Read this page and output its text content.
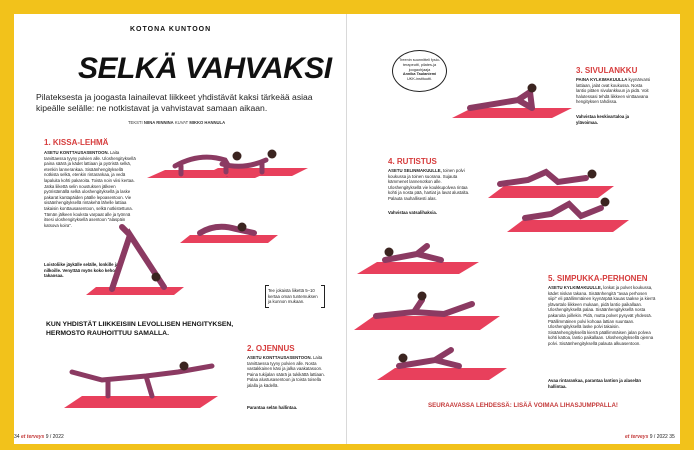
KOTONA KUNTOON
SELKÄ VAHVAKSI
Pilateksesta ja joogasta lainailevat liikkeet yhdistävät kaksi tärkeää asiaa kipeälle selälle: ne notkistavat ja vahvistavat samaan aikaan.
TEKSTI NIINA RINNINA KUVAT MIKKO HANNULA
1. KISSA-LEHMÄ
ASETU KONTTAUSASENTOON. Laita tarvittaessa tyyny polvien alle. Uloshengityksellä paina säärä ja kädet lattiaan ja pyöristä selkä, etenkin lannerankaa. Sisäänhengityksellä notkista selkä, etenkin rintarankaa, ja vedä lapaluita kohti pakaroita. Toista noin viisi kertaa. Jatka liikettä selin noustuksen jälkeen pyöristämällä selkä uloshengityksellä ja laske pakarat kantapäiden päälle lepoasentoon. Vie sisäänhengityksellä rintakehä lähelle lattiaa takaisin konttausasentoon, selkä notkistettuna. Tämän jälkeen kouksta varpaat alle ja työnnä itsesi uloshengityksellä asentoon "alaspäin katsova koira".
Loistoliike jäykälle selälle, lonkille ja nilkoille. Venyttää myös koko kehon takaosaa.
KUN YHDISTÄT LIIKKEISIIN LEVOLLISEN HENGITYKSEN,
HERMOSTO RAUHOITTUU SAMALLA.
Tee jokaista liikettä 5–10 kertaa oman tuntemuksen ja kunnon mukaan.
2. OJENNUS
ASETU KONTTAUSASENTOON. Laita tarvittaessa tyyny polvien alle. Nosta vastakkainen käsi ja jalka vaakatasoon. Paina tukijalan säärä ja tukikättä lattiaan. Palaa alustusasentoon ja toista toisella jalalla ja kädellä.
Parantaa selän hallintaa.
Treenin suunnitteli fysio-terapeutti, pilates-ja joogaohjaaja
Annika Taulaniemi
UKK-instituutti.
3. SIVULANKKU
PAINA KYLKIMAKUULLA kyynärvarsi lattiaan, jalat ovat koukussa. Nosta lantio pitäen sivulankkuun ja pidä. Voit halutessasi tehdä liikkeen vinttaavana hengityksen tahdissa.
Vahvistaa keskivartaloa ja ylävoimaa.
4. RUTISTUS
ASETU SELINMAKUULLE, toinen polvi koukussa ja toinen suorana. Sujauta kämmenet lannenotkon alle. Uloshengityksellä vie koukkupolvea rintaa kohti ja nosta pää, hartiat ja lavat alustalta. Palauta rauhallisesti alas.
Vahvistaa vatsalihaksia.
5. SIMPUKKA-PERHONEN
ASETU KYLKIMAKUULLE, lonkat ja polvet koukussa, kädet niskan takana. Sisäänhengitä "avaa perhosen siipi" eli päällimmäinen kyynärpää kauas taakse ja kierrä ylävartalo liikkeen mukaan, pidä lantio paikallaan. Uloshengityksellä palaa. Sisäänhengityksellä nosta pakaroita joillekin. Pidä, mutta polvet pysyvät yhdessä. Päällimmäinen polvi kohoaa lattian suuntaan. Uloshengityksellä laske polvi takaisin. Sisäänhengityksellä kierrä päällimmäisen jalan polvea kohti kattoa, lantio paikallaan. Uloshengityksellä ojenna polvi. Sisäänhengityksellä palauta alkuasentoon.
Avaa rintarankaa, parantaa lantion ja alaselän hallintaa.
SEURAAVASSA LEHDESSÄ: LISÄÄ VOIMAA LIHASJUMPPALLA!
34 et terveys 9 / 2022	et terveys 9 / 2022 35
